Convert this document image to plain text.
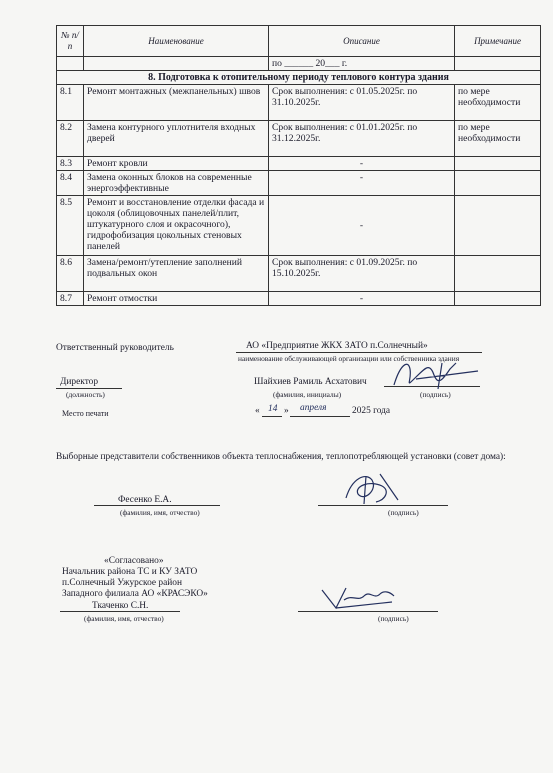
№ п/п	Наименование	Описание	Примечание
		по ______ 20___ г.	
8. Подготовка к отопительному периоду теплового контура здания			
8.1	Ремонт монтажных (межпанельных) швов	Срок выполнения: с 01.05.2025г. по 31.10.2025г.	по мере необходимости
8.2	Замена контурного уплотнителя входных дверей	Срок выполнения: с 01.01.2025г. по 31.12.2025г.	по мере необходимости
8.3	Ремонт кровли	-	
8.4	Замена оконных блоков на современные энергоэффективные	-	
8.5	Ремонт и восстановление отделки фасада и цоколя (облицовочных панелей/плит, штукатурного слоя и окрасочного), гидрофобизация цокольных стеновых панелей	-	
8.6	Замена/ремонт/утепление заполнений подвальных окон	Срок выполнения: с 01.09.2025г. по 15.10.2025г.	
8.7	Ремонт отмостки	-	
Ответственный руководитель	АО «Предприятие ЖКХ ЗАТО п.Солнечный»
наименование обслуживающей организации или собственника здания
Директор
(должность)
Шайхиев Рамиль Асхатович
(фамилия, инициалы)	(подпись)
Место печати	« 14 » апреля	2025 года
Выборные представители собственников объекта теплоснабжения, теплопотребляющей установки (совет дома):
Фесенко Е.А.
(фамилия, имя, отчество)	(подпись)
«Согласовано»
Начальник района ТС и КУ ЗАТО
п.Солнечный Ужурское район
Западного филиала АО «КРАСЭКО»
Ткаченко С.Н.
(фамилия, имя, отчество)	(подпись)
